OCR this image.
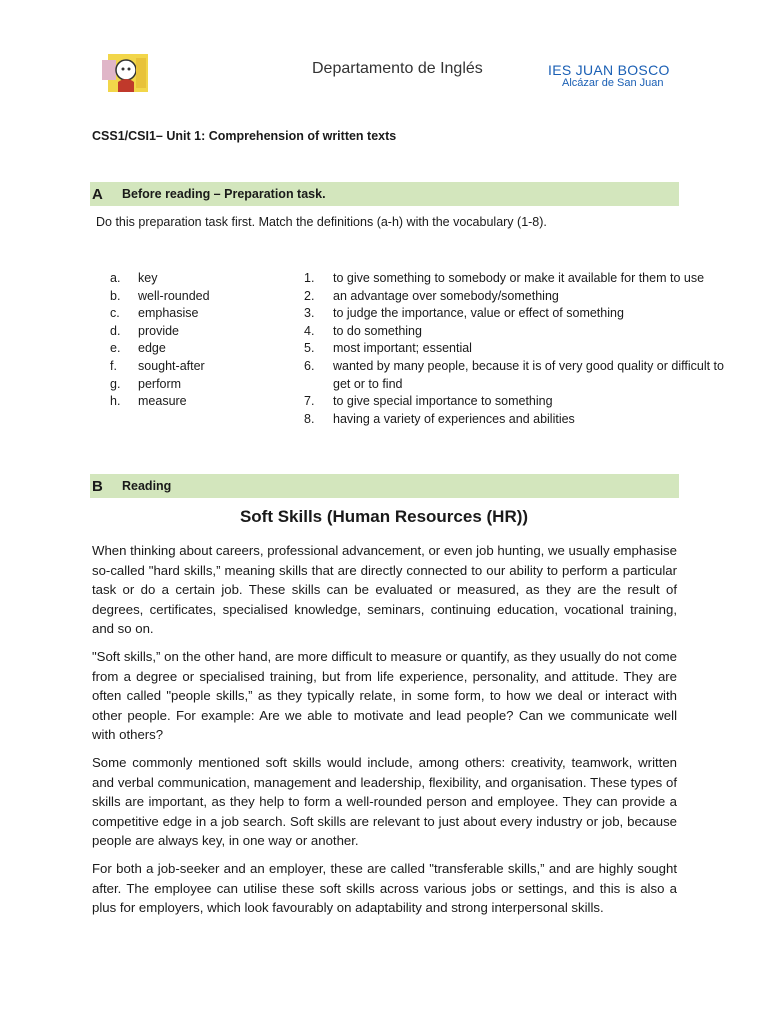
Departamento de Inglés	IES JUAN BOSCO
Alcázar de San Juan
CSS1/CSI1– Unit 1: Comprehension of written texts
A	Before reading – Preparation task.
Do this preparation task first. Match the definitions (a-h) with the vocabulary (1-8).
a.	key
b.	well-rounded
c.	emphasise
d.	provide
e.	edge
f.	sought-after
g.	perform
h.	measure
1.	to give something to somebody or make it available for them to use
2.	an advantage over somebody/something
3.	to judge the importance, value or effect of something
4.	to do something
5.	most important; essential
6.	wanted by many people, because it is of very good quality or difficult to get or to find
7.	to give special importance to something
8.	having a variety of experiences and abilities
B	Reading
Soft Skills (Human Resources (HR))

When thinking about careers, professional advancement, or even job hunting, we usually emphasise so-called "hard skills,” meaning skills that are directly connected to our ability to perform a particular task or do a certain job. These skills can be evaluated or measured, as they are the result of degrees, certificates, specialised knowledge, seminars, continuing education, vocational training, and so on.

"Soft skills,” on the other hand, are more difficult to measure or quantify, as they usually do not come from a degree or specialised training, but from life experience, personality, and attitude. They are often called "people skills,” as they typically relate, in some form, to how we deal or interact with other people. For example: Are we able to motivate and lead people? Can we communicate well with others?

Some commonly mentioned soft skills would include, among others: creativity, teamwork, written and verbal communication, management and leadership, flexibility, and organisation. These types of skills are important, as they help to form a well-rounded person and employee. They can provide a competitive edge in a job search. Soft skills are relevant to just about every industry or job, because people are always key, in one way or another.

For both a job-seeker and an employer, these are called "transferable skills,” and are highly sought after. The employee can utilise these soft skills across various jobs or settings, and this is also a plus for employers, which look favourably on adaptability and strong interpersonal skills.
